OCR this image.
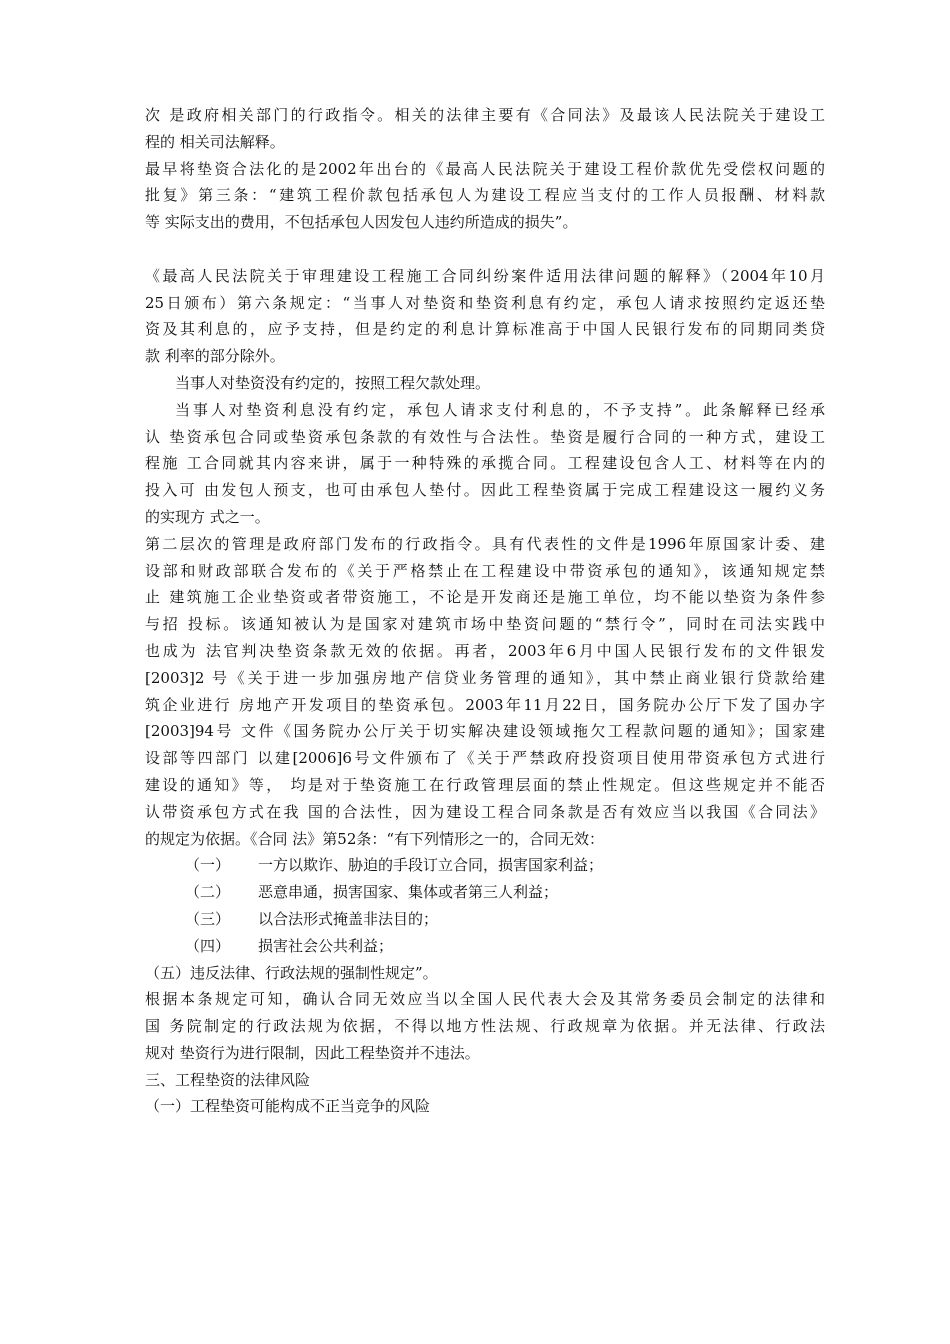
次 是政府相关部门的行政指令。相关的法律主要有《合同法》及最该人民法院关于建设工
程的 相关司法解释。

最早将垫资合法化的是2002年出台的《最高人民法院关于建设工程价款优先受偿权问题的
批复》第三条：“建筑工程价款包括承包人为建设工程应当支付的工作人员报酬、材料款
等 实际支出的费用，不包括承包人因发包人违约所造成的损失”。

《最高人民法院关于审理建设工程施工合同纠纷案件适用法律问题的解释》（2004年10月
25日颁布）第六条规定：“当事人对垫资和垫资利息有约定，承包人请求按照约定返还垫
资及其利息的，应予支持，但是约定的利息计算标准高于中国人民银行发布的同期同类贷
款 利率的部分除外。

当事人对垫资没有约定的，按照工程欠款处理。

当事人对垫资利息没有约定，承包人请求支付利息的，不予支持”。此条解释已经承
认 垫资承包合同或垫资承包条款的有效性与合法性。垫资是履行合同的一种方式，建设工
程施 工合同就其内容来讲，属于一种特殊的承揽合同。工程建设包含人工、材料等在内的
投入可 由发包人预支，也可由承包人垫付。因此工程垫资属于完成工程建设这一履约义务
的实现方 式之一。

第二层次的管理是政府部门发布的行政指令。具有代表性的文件是1996年原国家计委、建
设部和财政部联合发布的《关于严格禁止在工程建设中带资承包的通知》，该通知规定禁
止 建筑施工企业垫资或者带资施工，不论是开发商还是施工单位，均不能以垫资为条件参
与招 投标。该通知被认为是国家对建筑市场中垫资问题的“禁行令”，同时在司法实践中
也成为 法官判决垫资条款无效的依据。再者，2003年6月中国人民银行发布的文件银发
[2003]2 号《关于进一步加强房地产信贷业务管理的通知》，其中禁止商业银行贷款给建
筑企业进行 房地产开发项目的垫资承包。2003年11月22日，国务院办公厅下发了国办字
[2003]94号 文件《国务院办公厅关于切实解决建设领域拖欠工程款问题的通知》；国家建
设部等四部门 以建[2006]6号文件颁布了《关于严禁政府投资项目使用带资承包方式进行
建设的通知》等， 均是对于垫资施工在行政管理层面的禁止性规定。但这些规定并不能否
认带资承包方式在我 国的合法性，因为建设工程合同条款是否有效应当以我国《合同法》
的规定为依据。《合同 法》第52条：“有下列情形之一的，合同无效：

（一）	一方以欺诈、胁迫的手段订立合同，损害国家利益；
（二）	恶意串通，损害国家、集体或者第三人利益；
（三）	以合法形式掩盖非法目的；
（四）	损害社会公共利益；
（五）违反法律、行政法规的强制性规定”。

根据本条规定可知，确认合同无效应当以全国人民代表大会及其常务委员会制定的法律和
国 务院制定的行政法规为依据，不得以地方性法规、行政规章为依据。并无法律、行政法
规对 垫资行为进行限制，因此工程垫资并不违法。

三、工程垫资的法律风险
（一）工程垫资可能构成不正当竞争的风险
